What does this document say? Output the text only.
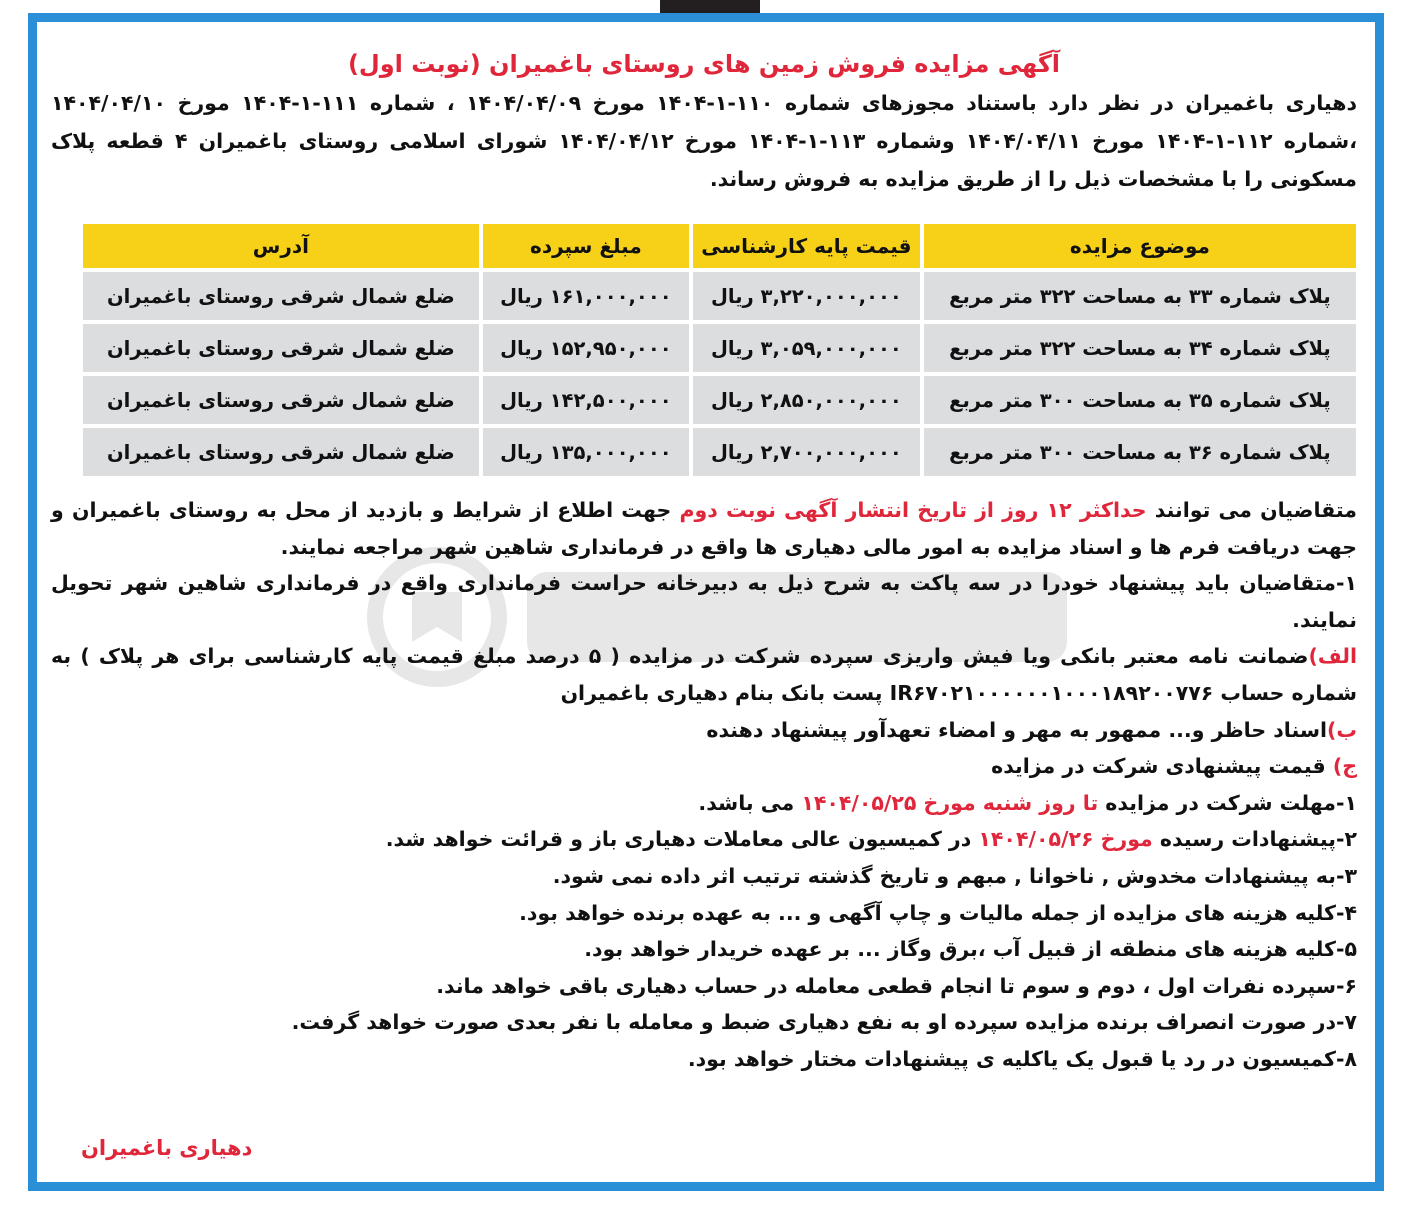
آگهی مزایده فروش زمین های روستای باغمیران (نوبت اول)
دهیاری باغمیران در نظر دارد باستناد مجوزهای شماره ۱۱۰-۱-۱۴۰۴ مورخ ۱۴۰۴/۰۴/۰۹ ، شماره ۱۱۱-۱-۱۴۰۴ مورخ ۱۴۰۴/۰۴/۱۰ ،شماره ۱۱۲-۱-۱۴۰۴ مورخ ۱۴۰۴/۰۴/۱۱ وشماره ۱۱۳-۱-۱۴۰۴ مورخ ۱۴۰۴/۰۴/۱۲ شورای اسلامی روستای باغمیران ۴ قطعه پلاک مسکونی را با مشخصات ذیل را از طریق مزایده به فروش رساند.
موضوع مزایده	قیمت پایه کارشناسی	مبلغ سپرده	آدرس
پلاک شماره ۳۳ به مساحت ۳۲۲ متر مربع	۳,۲۲۰,۰۰۰,۰۰۰ ریال	۱۶۱,۰۰۰,۰۰۰ ریال	ضلع شمال شرقی روستای باغمیران
پلاک شماره ۳۴ به مساحت ۳۲۲ متر مربع	۳,۰۵۹,۰۰۰,۰۰۰ ریال	۱۵۲,۹۵۰,۰۰۰ ریال	ضلع شمال شرقی روستای باغمیران
پلاک شماره ۳۵ به مساحت ۳۰۰ متر مربع	۲,۸۵۰,۰۰۰,۰۰۰ ریال	۱۴۲,۵۰۰,۰۰۰ ریال	ضلع شمال شرقی روستای باغمیران
پلاک شماره ۳۶ به مساحت ۳۰۰ متر مربع	۲,۷۰۰,۰۰۰,۰۰۰ ریال	۱۳۵,۰۰۰,۰۰۰ ریال	ضلع شمال شرقی روستای باغمیران

متقاضیان می توانند حداکثر ۱۲ روز از تاریخ انتشار آگهی نوبت دوم جهت اطلاع از شرایط و بازدید از محل به روستای باغمیران و جهت دریافت فرم ها و اسناد مزایده به امور مالی دهیاری ها واقع در فرمانداری شاهین شهر مراجعه نمایند.

۱-متقاضیان باید پیشنهاد خودرا در سه پاکت به شرح ذیل به دبیرخانه حراست فرمانداری واقع در فرمانداری شاهین شهر تحویل نمایند.

الف)ضمانت نامه معتبر بانکی ویا فیش واریزی سپرده شرکت در مزایده ( ۵ درصد مبلغ قیمت پایه کارشناسی برای هر پلاک ) به شماره حساب IR۶۷۰۲۱۰۰۰۰۰۰۱۰۰۰۱۸۹۲۰۰۷۷۶ پست بانک بنام دهیاری باغمیران

ب)اسناد حاظر و... ممهور به مهر و امضاء تعهدآور پیشنهاد دهنده

ج) قیمت پیشنهادی شرکت در مزایده

۱-مهلت شرکت در مزایده تا روز شنبه مورخ ۱۴۰۴/۰۵/۲۵ می باشد.

۲-پیشنهادات رسیده مورخ ۱۴۰۴/۰۵/۲۶ در کمیسیون عالی معاملات دهیاری باز و قرائت خواهد شد.

۳-به پیشنهادات مخدوش , ناخوانا , مبهم و تاریخ گذشته ترتیب اثر داده نمی شود.

۴-کلیه هزینه های مزایده از جمله مالیات و چاپ آگهی و ... به عهده برنده خواهد بود.

۵-کلیه هزینه های منطقه از قبیل آب ،برق وگاز ... بر عهده خریدار خواهد بود.

۶-سپرده نفرات اول ، دوم و سوم تا انجام قطعی معامله در حساب دهیاری باقی خواهد ماند.

۷-در صورت انصراف برنده مزایده سپرده او به نفع دهیاری ضبط و معامله با نفر بعدی صورت خواهد گرفت.

۸-کمیسیون در رد یا قبول یک یاکلیه ی پیشنهادات مختار خواهد بود.

دهیاری باغمیران
